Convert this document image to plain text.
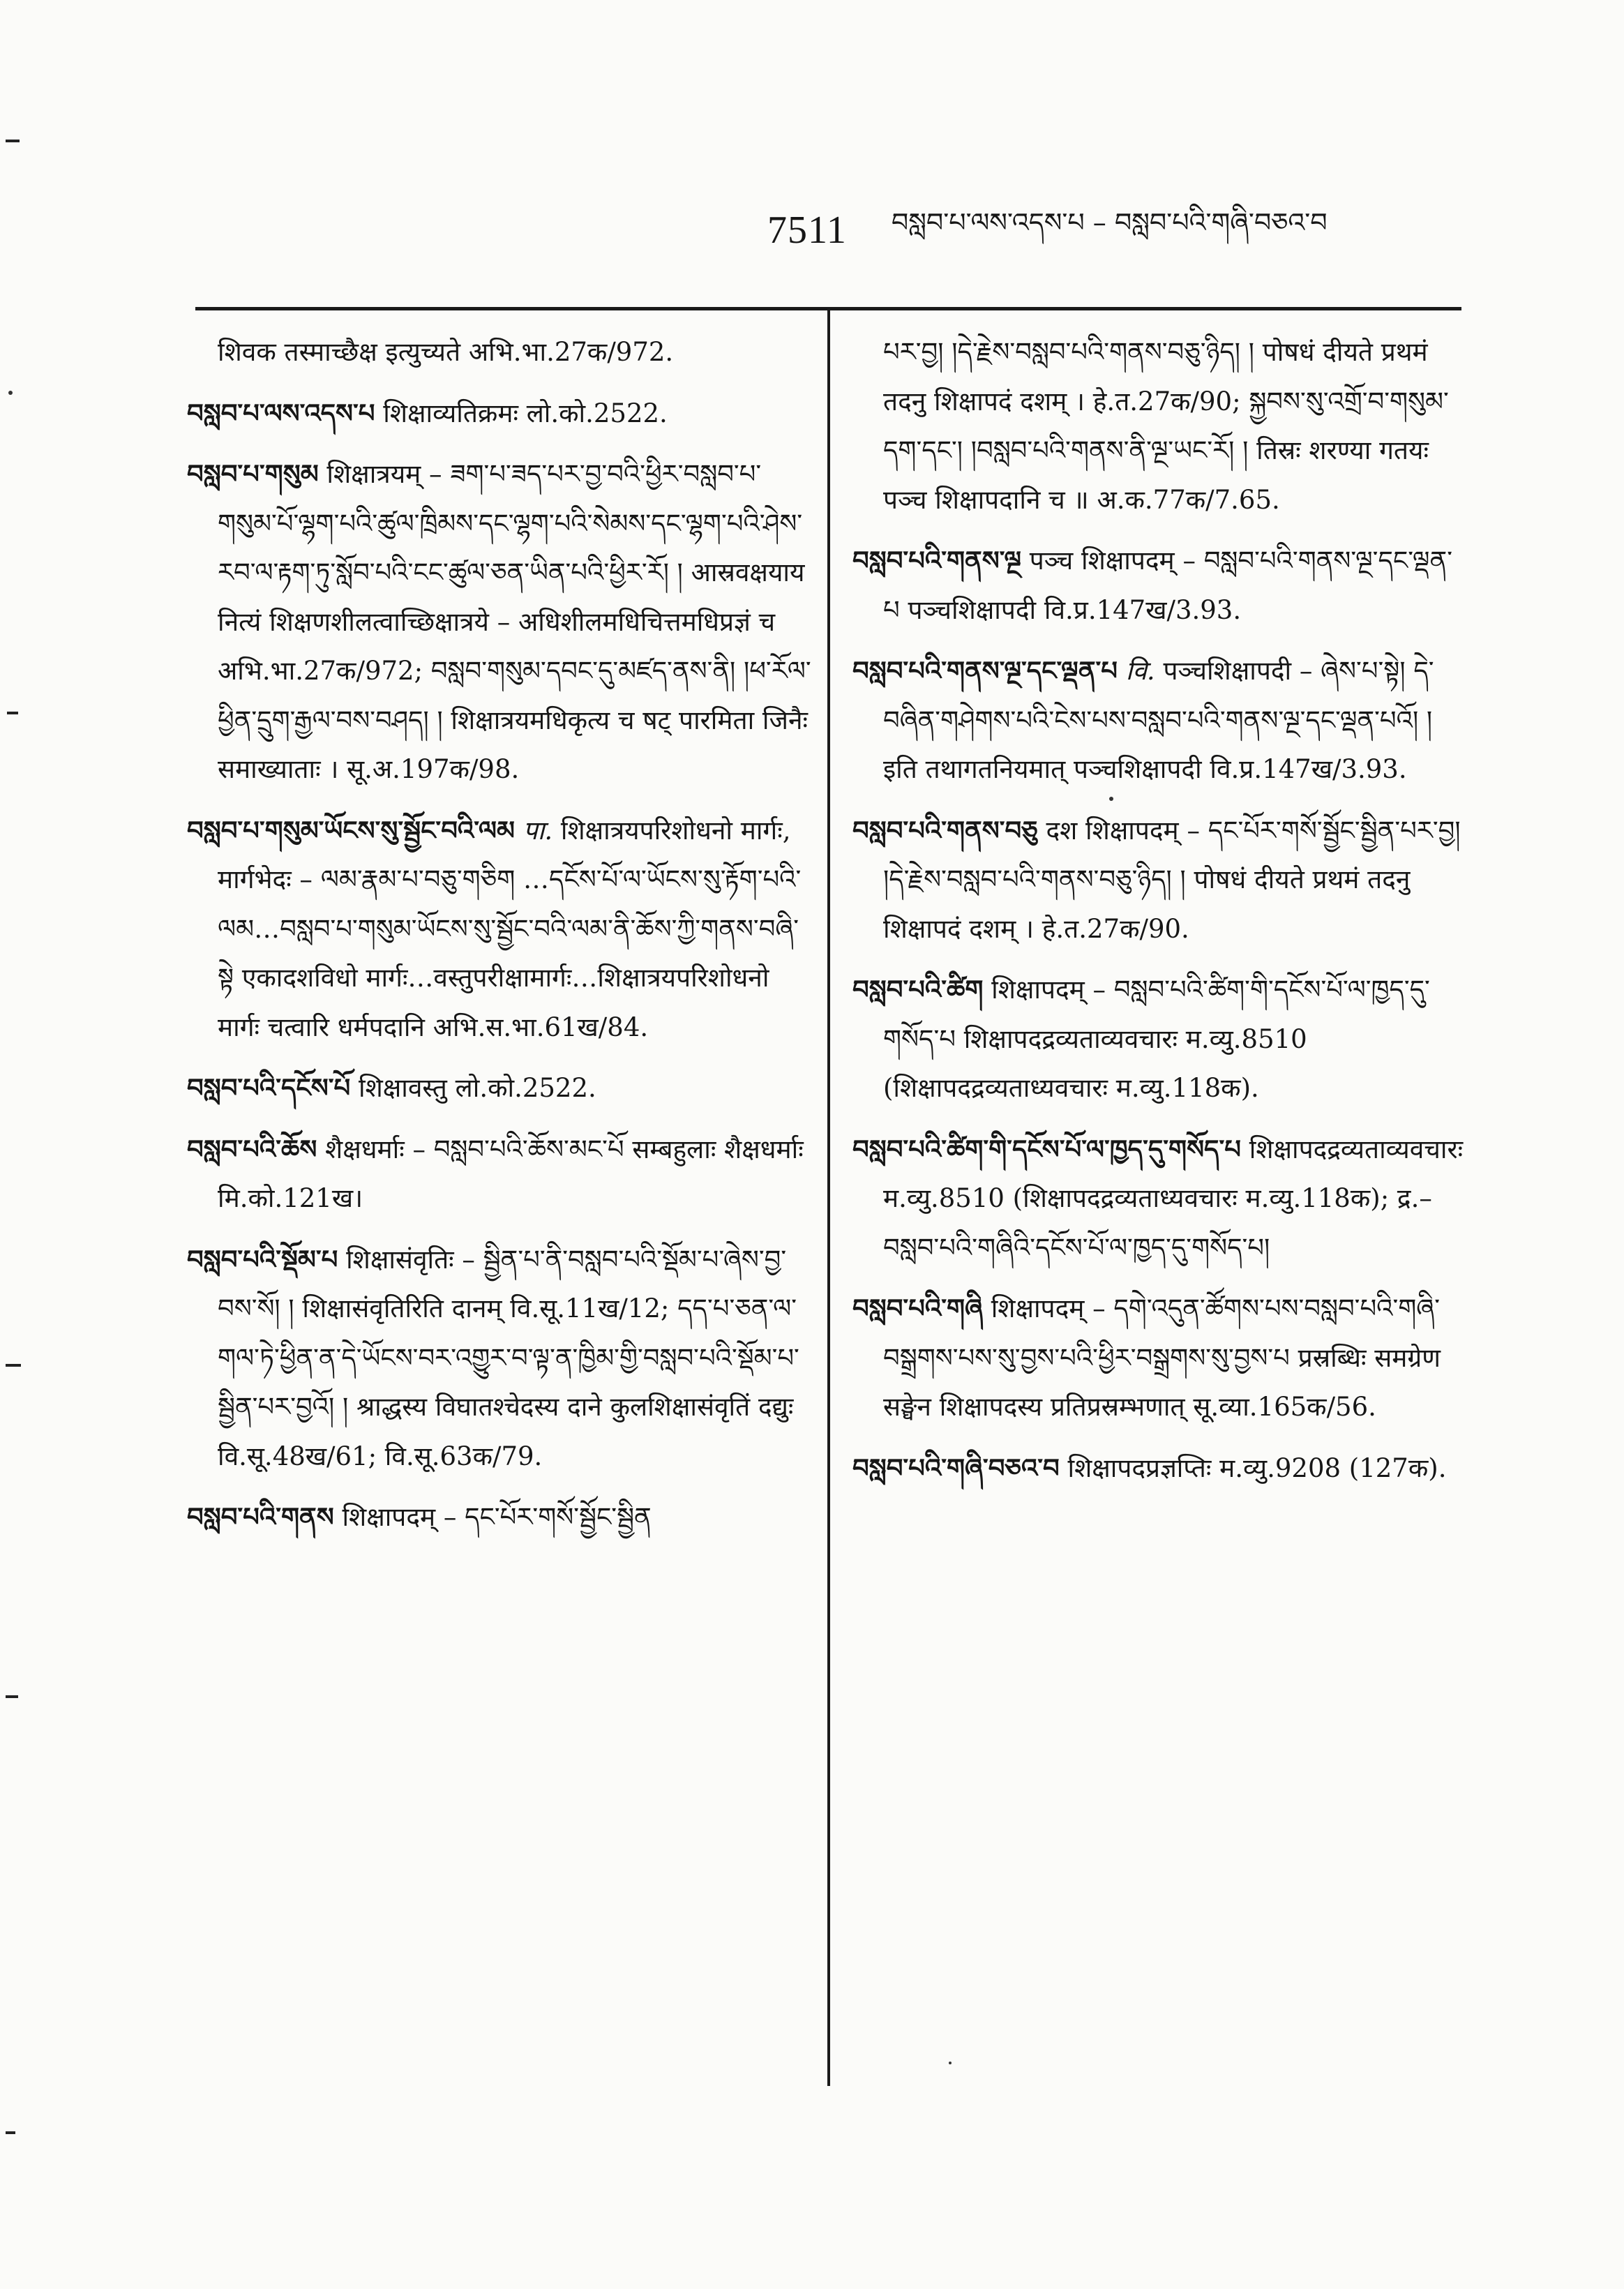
7511 བསླབ་པ་ལས་འདས་པ – བསླབ་པའི་གཞི་བཅའ་བ

शिवक तस्माच्छैक्ष इत्युच्यते अभि.भा.27क/972.

བསླབ་པ་ལས་འདས་པ शिक्षाव्यतिक्रमः लो.को.2522.

བསླབ་པ་གསུམ शिक्षात्रयम् – ཟག་པ་ཟད་པར་བྱ་བའི་ཕྱིར་བསླབ་པ་གསུམ་པོ་ལྷག་པའི་ཚུལ་ཁྲིམས་དང་ལྷག་པའི་སེམས་དང་ལྷག་པའི་ཤེས་རབ་ལ་རྟག་ཏུ་སློབ་པའི་ངང་ཚུལ་ཅན་ཡིན་པའི་ཕྱིར་རོ། ། आस्रवक्षयाय नित्यं शिक्षणशीलत्वाच्छिक्षात्रये – अधिशीलमधिचित्तमधिप्रज्ञं च अभि.भा.27क/972; བསླབ་གསུམ་དབང་དུ་མཛད་ནས་ནི། །ཕ་རོལ་ཕྱིན་དྲུག་རྒྱལ་བས་བཤད། ། शिक्षात्रयमधिकृत्य च षट् पारमिता जिनैः समाख्याताः । सू.अ.197क/98.

བསླབ་པ་གསུམ་ཡོངས་སུ་སྦྱོང་བའི་ལམ पा. शिक्षात्रयपरिशोधनो मार्गः, मार्गभेदः – ལམ་རྣམ་པ་བཅུ་གཅིག …དངོས་པོ་ལ་ཡོངས་སུ་རྟོག་པའི་ལམ…བསླབ་པ་གསུམ་ཡོངས་སུ་སྦྱོང་བའི་ལམ་ནི་ཆོས་ཀྱི་གནས་བཞི་སྟེ एकादशविधो मार्गः…वस्तुपरीक्षामार्गः…शिक्षात्रयपरिशोधनो मार्गः चत्वारि धर्मपदानि अभि.स.भा.61ख/84.

བསླབ་པའི་དངོས་པོ शिक्षावस्तु लो.को.2522.

བསླབ་པའི་ཆོས शैक्षधर्माः – བསླབ་པའི་ཆོས་མང་པོ सम्बहुलाः शैक्षधर्माः मि.को.121ख।

བསླབ་པའི་སྡོམ་པ शिक्षासंवृतिः – སྦྱིན་པ་ནི་བསླབ་པའི་སྡོམ་པ་ཞེས་བྱ་བས་སོ། ། शिक्षासंवृतिरिति दानम् वि.सू.11ख/12; དད་པ་ཅན་ལ་གལ་ཏེ་ཕྱིན་ན་དེ་ཡོངས་བར་འགྱུར་བ་ལྟ་ན་ཁྱིམ་གྱི་བསླབ་པའི་སྡོམ་པ་སྦྱིན་པར་བྱའོ། ། श्राद्धस्य विघातश्चेदस्य दाने कुलशिक्षासंवृतिं दद्युः वि.सू.48ख/61; वि.सू.63क/79.

བསླབ་པའི་གནས शिक्षापदम् – དང་པོར་གསོ་སྦྱོང་སྦྱིན

པར་བྱ། །དེ་རྗེས་བསླབ་པའི་གནས་བཅུ་ཉིད། ། पोषधं दीयते प्रथमं तदनु शिक्षापदं दशम् । हे.त.27क/90; སྐྱབས་སུ་འགྲོ་བ་གསུམ་དག་དང་། །བསླབ་པའི་གནས་ནི་ལྔ་ཡང་རོ། ། तिस्रः शरण्या गतयः पञ्च शिक्षापदानि च ॥ अ.क.77क/7.65.

བསླབ་པའི་གནས་ལྔ पञ्च शिक्षापदम् – བསླབ་པའི་གནས་ལྔ་དང་ལྡན་པ पञ्चशिक्षापदी वि.प्र.147ख/3.93.

བསླབ་པའི་གནས་ལྔ་དང་ལྡན་པ वि. पञ्चशिक्षापदी – ཞེས་པ་སྟེ། དེ་བཞིན་གཤེགས་པའི་ངེས་པས་བསླབ་པའི་གནས་ལྔ་དང་ལྡན་པའོ། ། इति तथागतनियमात् पञ्चशिक्षापदी वि.प्र.147ख/3.93.

བསླབ་པའི་གནས་བཅུ दश शिक्षापदम् – དང་པོར་གསོ་སྦྱོང་སྦྱིན་པར་བྱ། །དེ་རྗེས་བསླབ་པའི་གནས་བཅུ་ཉིད། ། पोषधं दीयते प्रथमं तदनु शिक्षापदं दशम् । हे.त.27क/90.

བསླབ་པའི་ཚིག शिक्षापदम् – བསླབ་པའི་ཚིག་གི་དངོས་པོ་ལ་ཁྱད་དུ་གསོད་པ शिक्षापदद्रव्यताव्यवचारः म.व्यु.8510 (शिक्षापदद्रव्यताध्यवचारः म.व्यु.118क).

བསླབ་པའི་ཚིག་གི་དངོས་པོ་ལ་ཁྱད་དུ་གསོད་པ शिक्षापदद्रव्यताव्यवचारः म.व्यु.8510 (शिक्षापदद्रव्यताध्यवचारः म.व्यु.118क); द्र.– བསླབ་པའི་གཞིའི་དངོས་པོ་ལ་ཁྱད་དུ་གསོད་པ།

བསླབ་པའི་གཞི शिक्षापदम् – དགེ་འདུན་ཚོགས་པས་བསླབ་པའི་གཞི་བསྒྲགས་པས་སུ་བྱས་པའི་ཕྱིར་བསྒྲགས་སུ་བྱས་པ प्रस्रब्धिः समग्रेण सङ्घेन शिक्षापदस्य प्रतिप्रस्रम्भणात् सू.व्या.165क/56.

བསླབ་པའི་གཞི་བཅའ་བ शिक्षापदप्रज्ञप्तिः म.व्यु.9208 (127क).
